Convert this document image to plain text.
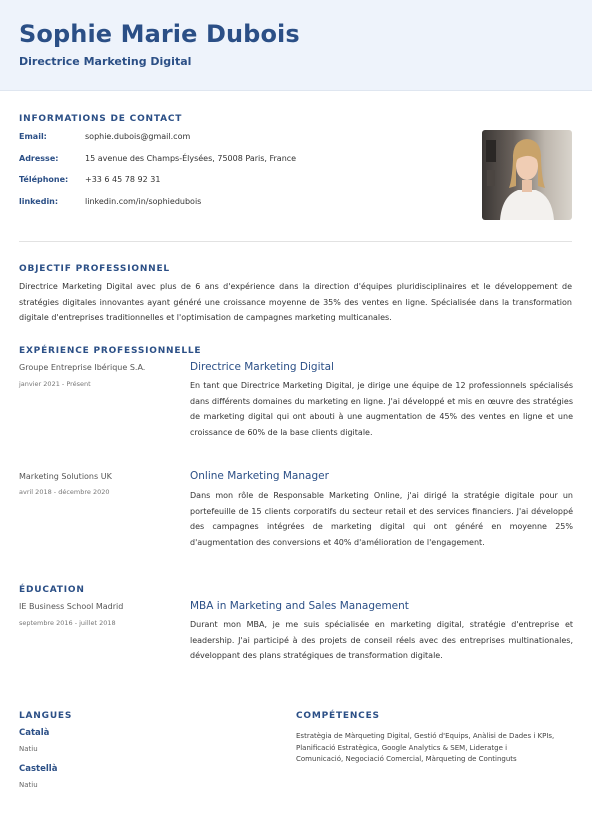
Sophie Marie Dubois
Directrice Marketing Digital
INFORMATIONS DE CONTACT
Email:	sophie.dubois@gmail.com
Adresse:	15 avenue des Champs-Élysées, 75008 Paris, France
Téléphone: +33 6 45 78 92 31
linkedin:	linkedin.com/in/sophiedubois
OBJECTIF PROFESSIONNEL
Directrice Marketing Digital avec plus de 6 ans d'expérience dans la direction d'équipes pluridisciplinaires et le développement de stratégies digitales innovantes ayant généré une croissance moyenne de 35% des ventes en ligne. Spécialisée dans la transformation digitale d'entreprises traditionnelles et l'optimisation de campagnes marketing multicanales.
EXPÉRIENCE PROFESSIONNELLE
Groupe Entreprise Ibérique S.A.
janvier 2021 - Présent
Directrice Marketing Digital
En tant que Directrice Marketing Digital, je dirige une équipe de 12 professionnels spécialisés dans différents domaines du marketing en ligne. J'ai développé et mis en œuvre des stratégies de marketing digital qui ont abouti à une augmentation de 45% des ventes en ligne et une croissance de 60% de la base clients digitale.
Marketing Solutions UK
avril 2018 - décembre 2020
Online Marketing Manager
Dans mon rôle de Responsable Marketing Online, j'ai dirigé la stratégie digitale pour un portefeuille de 15 clients corporatifs du secteur retail et des services financiers. J'ai développé des campagnes intégrées de marketing digital qui ont généré en moyenne 25% d'augmentation des conversions et 40% d'amélioration de l'engagement.
ÉDUCATION
IE Business School Madrid
septembre 2016 - juillet 2018
MBA in Marketing and Sales Management
Durant mon MBA, je me suis spécialisée en marketing digital, stratégie d'entreprise et leadership. J'ai participé à des projets de conseil réels avec des entreprises multinationales, développant des plans stratégiques de transformation digitale.
LANGUES
Català
Natiu
Castellà
Natiu
COMPÉTENCES
Estratègia de Màrqueting Digital, Gestió d'Equips, Anàlisi de Dades i KPIs, Planificació Estratègica, Google Analytics & SEM, Lideratge i Comunicació, Negociació Comercial, Màrqueting de Continguts
